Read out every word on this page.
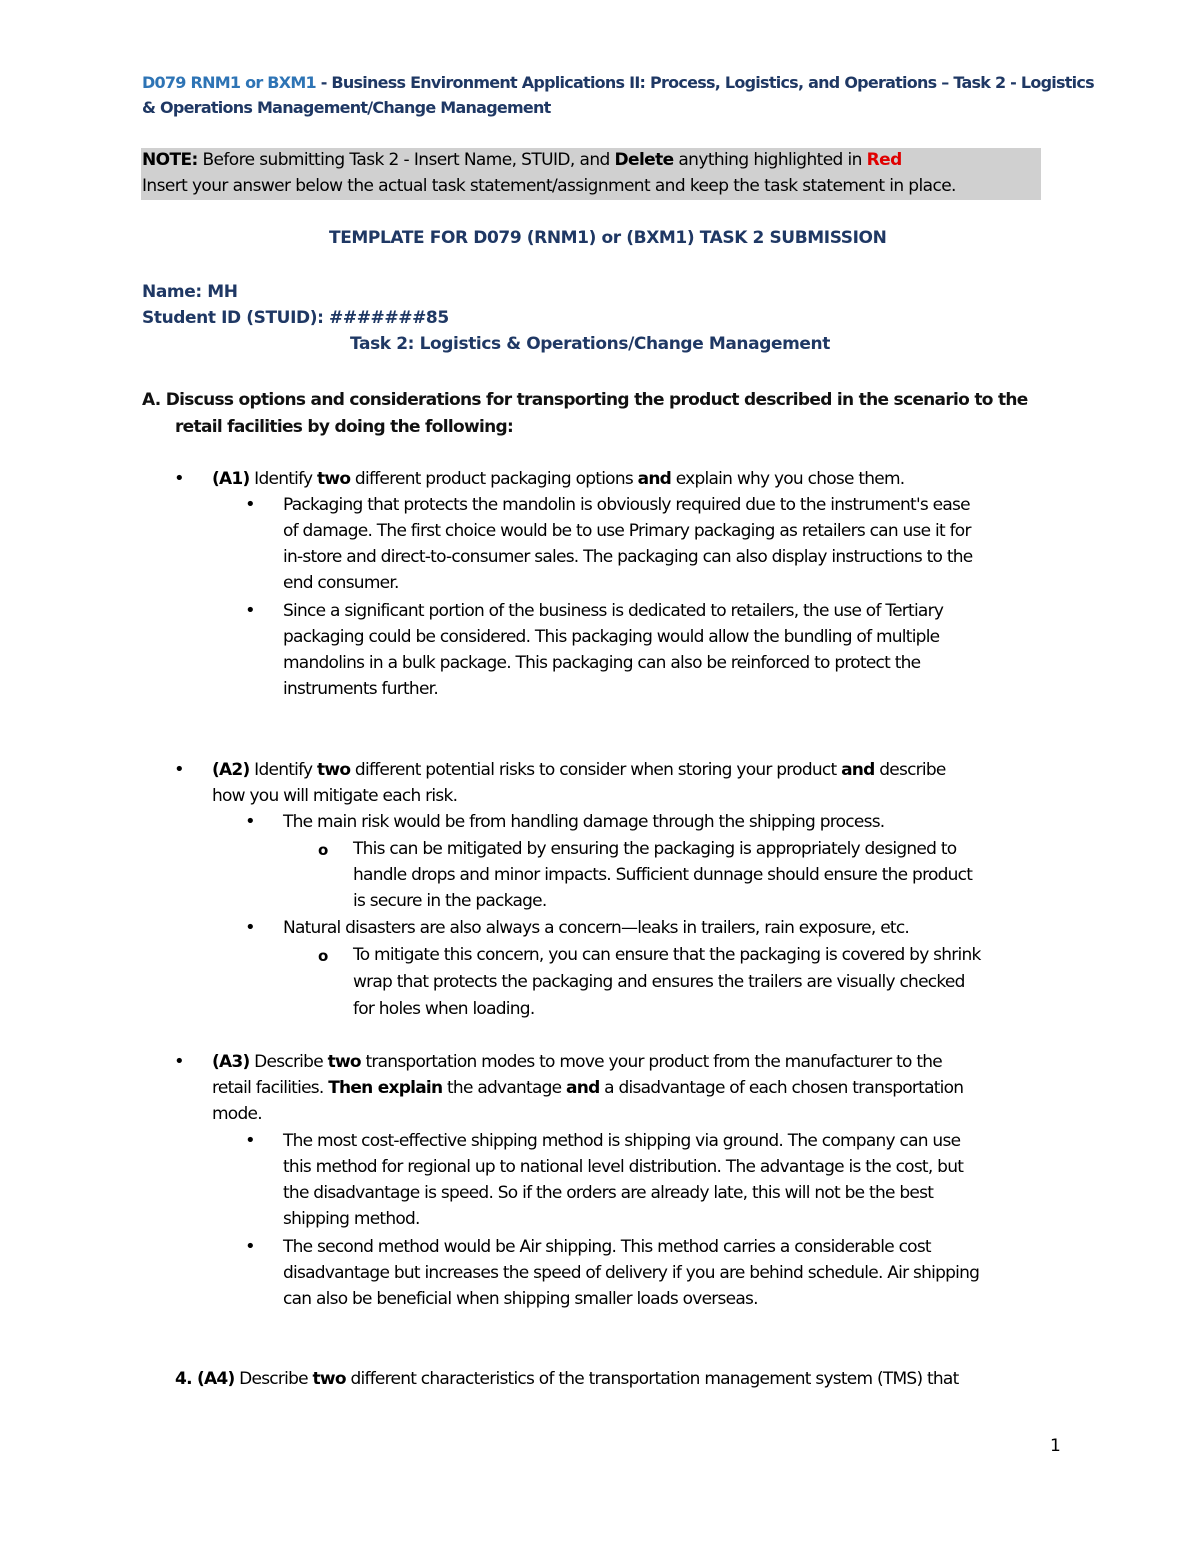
D079 RNM1 or BXM1 - Business Environment Applications II: Process, Logistics, and Operations – Task 2 - Logistics
& Operations Management/Change Management
NOTE: Before submitting Task 2 - Insert Name, STUID, and Delete anything highlighted in Red
Insert your answer below the actual task statement/assignment and keep the task statement in place.
TEMPLATE FOR D079 (RNM1) or (BXM1) TASK 2 SUBMISSION
Name: MH
Student ID (STUID): #######85
Task 2: Logistics & Operations/Change Management
A. Discuss options and considerations for transporting the product described in the scenario to the
retail facilities by doing the following:
• (A1) Identify two different product packaging options and explain why you chose them.
• Packaging that protects the mandolin is obviously required due to the instrument's ease
of damage. The first choice would be to use Primary packaging as retailers can use it for
in-store and direct-to-consumer sales. The packaging can also display instructions to the
end consumer.
• Since a significant portion of the business is dedicated to retailers, the use of Tertiary
packaging could be considered. This packaging would allow the bundling of multiple
mandolins in a bulk package. This packaging can also be reinforced to protect the
instruments further.
• (A2) Identify two different potential risks to consider when storing your product and describe
how you will mitigate each risk.
• The main risk would be from handling damage through the shipping process.
o This can be mitigated by ensuring the packaging is appropriately designed to
handle drops and minor impacts. Sufficient dunnage should ensure the product
is secure in the package.
• Natural disasters are also always a concern—leaks in trailers, rain exposure, etc.
o To mitigate this concern, you can ensure that the packaging is covered by shrink
wrap that protects the packaging and ensures the trailers are visually checked
for holes when loading.
• (A3) Describe two transportation modes to move your product from the manufacturer to the
retail facilities. Then explain the advantage and a disadvantage of each chosen transportation
mode.
• The most cost-effective shipping method is shipping via ground. The company can use
this method for regional up to national level distribution. The advantage is the cost, but
the disadvantage is speed. So if the orders are already late, this will not be the best
shipping method.
• The second method would be Air shipping. This method carries a considerable cost
disadvantage but increases the speed of delivery if you are behind schedule. Air shipping
can also be beneficial when shipping smaller loads overseas.
4. (A4) Describe two different characteristics of the transportation management system (TMS) that
1
